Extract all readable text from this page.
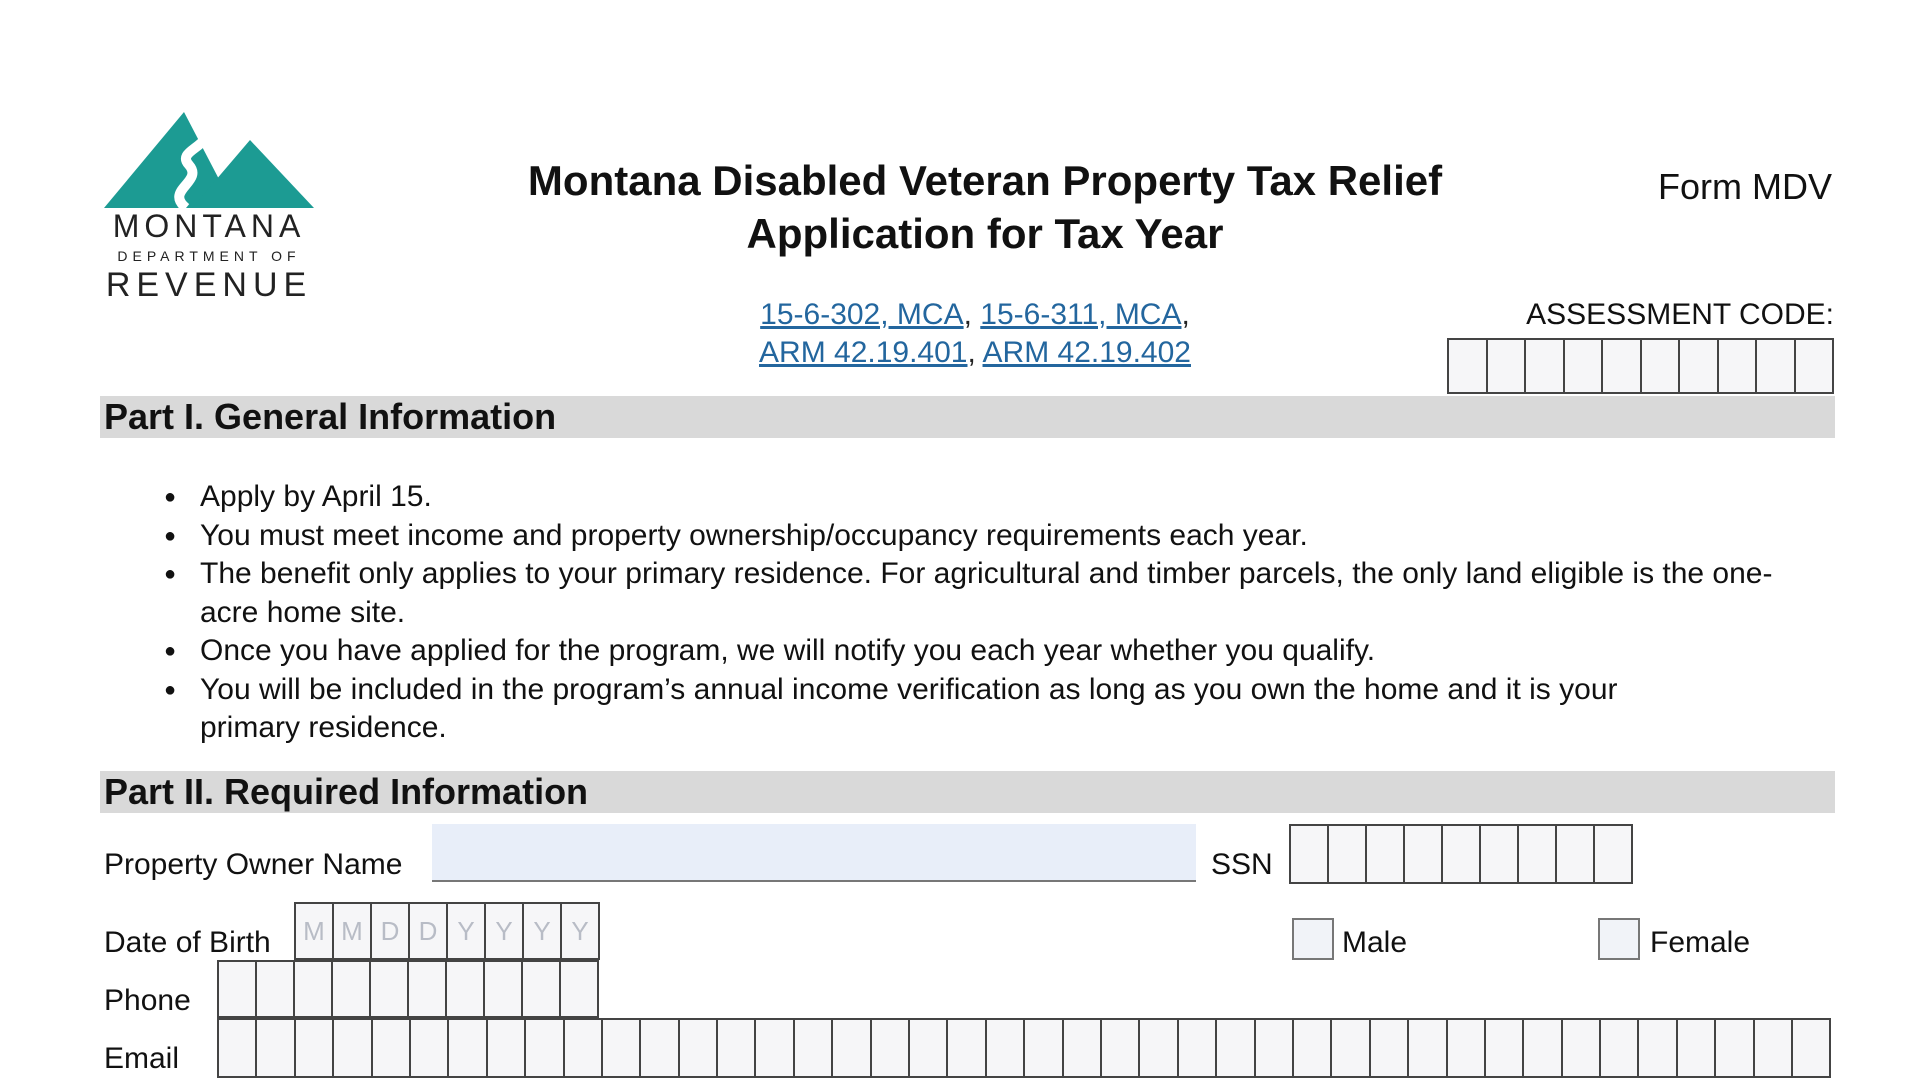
MONTANA
DEPARTMENT OF
REVENUE
Montana Disabled Veteran Property Tax Relief
Application for Tax Year
Form MDV
15-6-302, MCA, 15-6-311, MCA,
ARM 42.19.401, ARM 42.19.402
ASSESSMENT CODE:
Part I. General Information
● Apply by April 15.
● You must meet income and property ownership/occupancy requirements each year.
● The benefit only applies to your primary residence. For agricultural and timber parcels, the only land eligible is the one-acre home site.
● Once you have applied for the program, we will notify you each year whether you qualify.
● You will be included in the program’s annual income verification as long as you own the home and it is your primary residence.
Part II. Required Information
Property Owner Name	SSN
Date of Birth	M M D D Y Y Y Y	Male	Female
Phone
Email
